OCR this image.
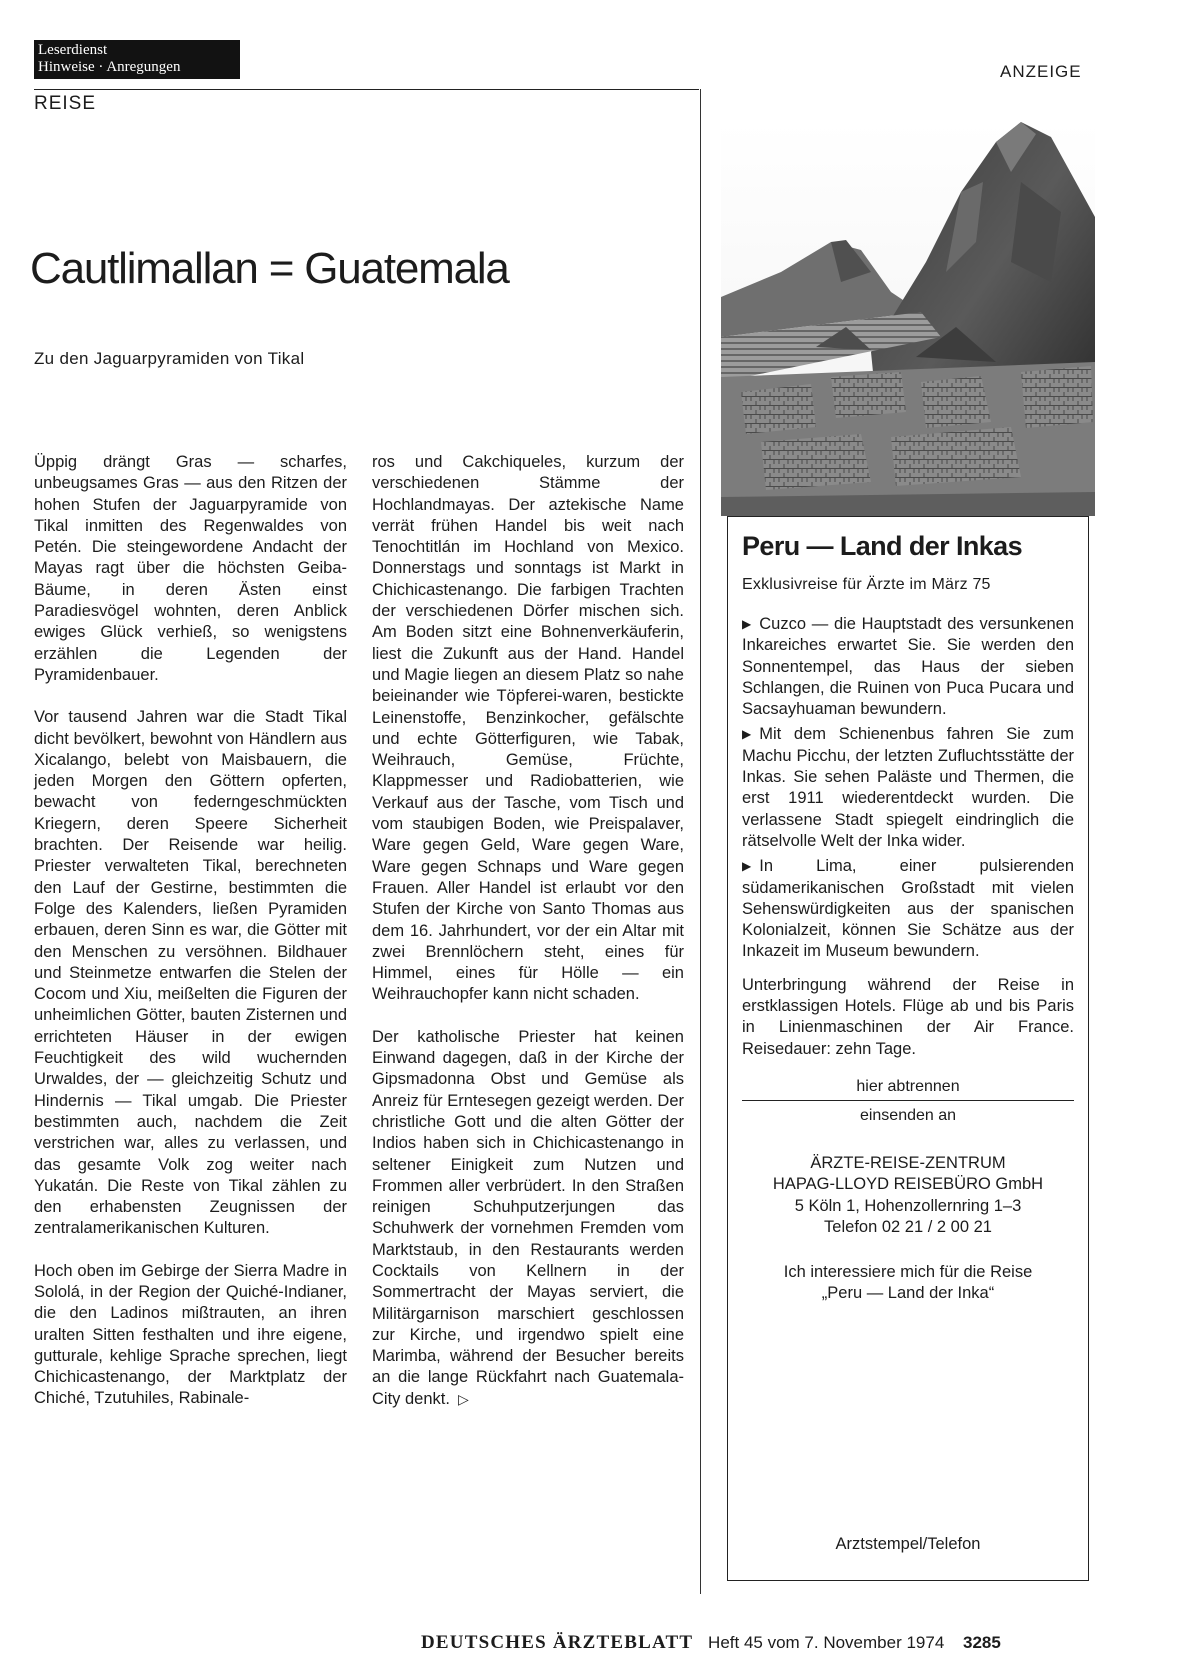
Leserdienst
Hinweise · Anregungen
REISE
ANZEIGE
Cautlimallan = Guatemala
Zu den Jaguarpyramiden von Tikal

Üppig drängt Gras — scharfes, unbeugsames Gras — aus den Ritzen der hohen Stufen der Jaguarpyramide von Tikal inmitten des Regenwaldes von Petén. Die steingewordene Andacht der Mayas ragt über die höchsten Geiba-Bäume, in deren Ästen einst Paradiesvögel wohnten, deren Anblick ewiges Glück verhieß, so wenigstens erzählen die Legenden der Pyramidenbauer.

Vor tausend Jahren war die Stadt Tikal dicht bevölkert, bewohnt von Händlern aus Xicalango, belebt von Maisbauern, die jeden Morgen den Göttern opferten, bewacht von federngeschmückten Kriegern, deren Speere Sicherheit brachten. Der Reisende war heilig. Priester verwalteten Tikal, berechneten den Lauf der Gestirne, bestimmten die Folge des Kalenders, ließen Pyramiden erbauen, deren Sinn es war, die Götter mit den Menschen zu versöhnen. Bildhauer und Steinmetze entwarfen die Stelen der Cocom und Xiu, meißelten die Figuren der unheimlichen Götter, bauten Zisternen und errichteten Häuser in der ewigen Feuchtigkeit des wild wuchernden Urwaldes, der — gleichzeitig Schutz und Hindernis — Tikal umgab. Die Priester bestimmten auch, nachdem die Zeit verstrichen war, alles zu verlassen, und das gesamte Volk zog weiter nach Yukatán. Die Reste von Tikal zählen zu den erhabensten Zeugnissen der zentralamerikanischen Kulturen.

Hoch oben im Gebirge der Sierra Madre in Sololá, in der Region der Quiché-Indianer, die den Ladinos mißtrauten, an ihren uralten Sitten festhalten und ihre eigene, gutturale, kehlige Sprache sprechen, liegt Chichicastenango, der Marktplatz der Chiché, Tzutuhiles, Rabinale-

ros und Cakchiqueles, kurzum der verschiedenen Stämme der Hochlandmayas. Der aztekische Name verrät frühen Handel bis weit nach Tenochtitlán im Hochland von Mexico. Donnerstags und sonntags ist Markt in Chichicastenango. Die farbigen Trachten der verschiedenen Dörfer mischen sich. Am Boden sitzt eine Bohnenverkäuferin, liest die Zukunft aus der Hand. Handel und Magie liegen an diesem Platz so nahe beieinander wie Töpferei-waren, bestickte Leinenstoffe, Benzinkocher, gefälschte und echte Götterfiguren, wie Tabak, Weihrauch, Gemüse, Früchte, Klappmesser und Radiobatterien, wie Verkauf aus der Tasche, vom Tisch und vom staubigen Boden, wie Preispalaver, Ware gegen Geld, Ware gegen Ware, Ware gegen Schnaps und Ware gegen Frauen. Aller Handel ist erlaubt vor den Stufen der Kirche von Santo Thomas aus dem 16. Jahrhundert, vor der ein Altar mit zwei Brennlöchern steht, eines für Himmel, eines für Hölle — ein Weihrauchopfer kann nicht schaden.

Der katholische Priester hat keinen Einwand dagegen, daß in der Kirche der Gipsmadonna Obst und Gemüse als Anreiz für Erntesegen gezeigt werden. Der christliche Gott und die alten Götter der Indios haben sich in Chichicastenango in seltener Einigkeit zum Nutzen und Frommen aller verbrüdert. In den Straßen reinigen Schuhputzerjungen das Schuhwerk der vornehmen Fremden vom Marktstaub, in den Restaurants werden Cocktails von Kellnern in der Sommertracht der Mayas serviert, die Militärgarnison marschiert geschlossen zur Kirche, und irgendwo spielt eine Marimba, während der Besucher bereits an die lange Rückfahrt nach Guatemala-City denkt. ▷

Peru — Land der Inkas
Exklusivreise für Ärzte im März 75
▶ Cuzco — die Hauptstadt des versunkenen Inkareiches erwartet Sie. Sie werden den Sonnentempel, das Haus der sieben Schlangen, die Ruinen von Puca Pucara und Sacsayhuaman bewundern.
▶ Mit dem Schienenbus fahren Sie zum Machu Picchu, der letzten Zufluchtsstätte der Inkas. Sie sehen Paläste und Thermen, die erst 1911 wiederentdeckt wurden. Die verlassene Stadt spiegelt eindringlich die rätselvolle Welt der Inka wider.
▶ In Lima, einer pulsierenden südamerikanischen Großstadt mit vielen Sehenswürdigkeiten aus der spanischen Kolonialzeit, können Sie Schätze aus der Inkazeit im Museum bewundern.
Unterbringung während der Reise in erstklassigen Hotels. Flüge ab und bis Paris in Linienmaschinen der Air France. Reisedauer: zehn Tage.
hier abtrennen
einsenden an
ÄRZTE-REISE-ZENTRUM
HAPAG-LLOYD REISEBÜRO GmbH
5 Köln 1, Hohenzollernring 1–3
Telefon 02 21 / 2 00 21
Ich interessiere mich für die Reise
„Peru — Land der Inka“
Arztstempel/Telefon
DEUTSCHES ÄRZTEBLATT Heft 45 vom 7. November 1974 3285
